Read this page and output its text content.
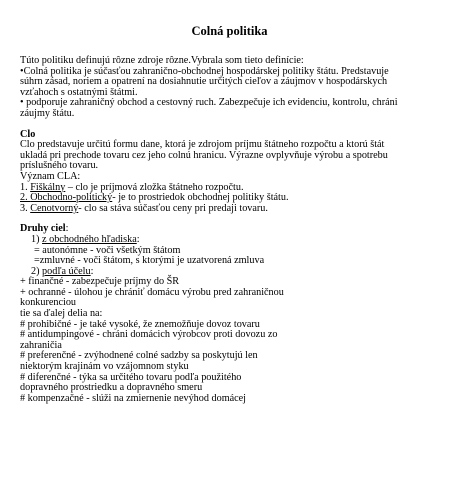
Colná politika
Túto politiku definujú rôzne zdroje rôzne.Vybrala som tieto definície:
•Colná politika je súčasťou zahranično-obchodnej hospodárskej politiky štátu. Predstavuje
súhrn zásad, noriem a opatrení na dosiahnutie určitých cieľov a záujmov v hospodárskych
vzťahoch s ostatnými štátmi.
• podporuje zahraničný obchod a cestovný ruch. Zabezpečuje ich evidenciu, kontrolu, chráni
záujmy štátu.
Clo
Clo predstavuje určitú formu dane, ktorá je zdrojom príjmu štátneho rozpočtu a ktorú štát
ukladá pri prechode tovaru cez jeho colnú hranicu. Výrazne ovplyvňuje výrobu a spotrebu
príslušného tovaru.
Význam CLA:
1. Fiškálny – clo je príjmová zložka štátneho rozpočtu.
2. Obchodno-politický- je to prostriedok obchodnej politiky štátu.
3. Cenotvorný- clo sa stáva súčasťou ceny pri predaji tovaru.
Druhy ciel:
1) z obchodného hľadiska:
= autonómne - voči všetkým štátom
=zmluvné - voči štátom, s ktorými je uzatvorená zmluva
2) podľa účelu:
+ finančné - zabezpečuje príjmy do ŠR
+ ochranné - úlohou je chrániť domácu výrobu pred zahraničnou
konkurenciou
tie sa ďalej delia na:
# prohibičné - je také vysoké, že znemožňuje dovoz tovaru
# antidumpingové - chráni domácich výrobcov proti dovozu zo
zahraničia
# preferenčné - zvýhodnené colné sadzby sa poskytujú len
niektorým krajinám vo vzájomnom styku
# diferenčné - týka sa určitého tovaru podľa použitého
dopravného prostriedku a dopravného smeru
# kompenzačné - slúži na zmiernenie nevýhod domácej
